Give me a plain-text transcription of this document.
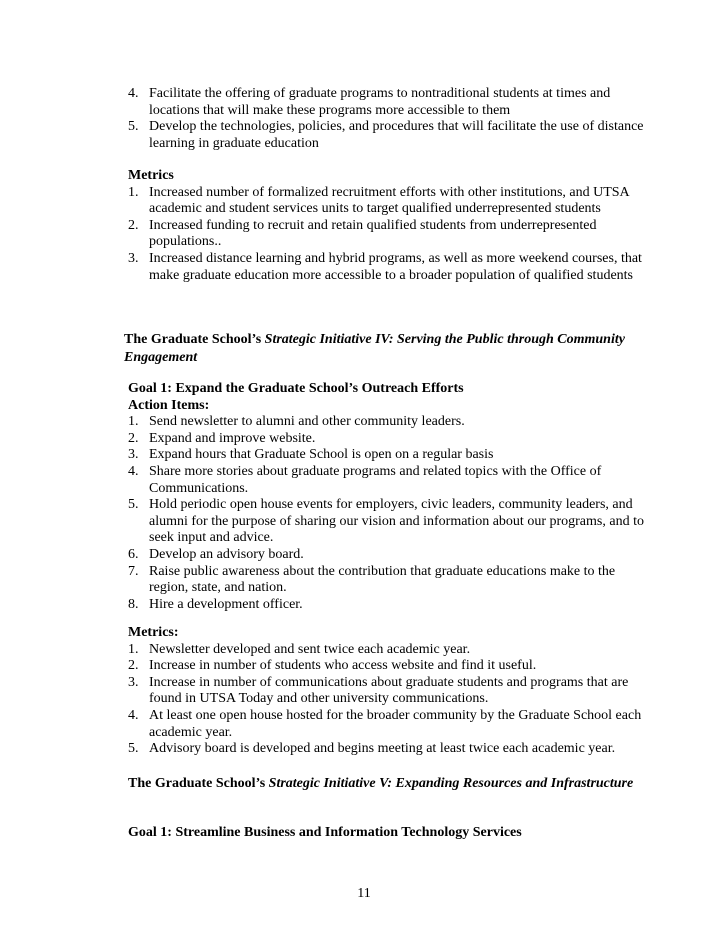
4. Facilitate the offering of graduate programs to nontraditional students at times and locations that will make these programs more accessible to them
5. Develop the technologies, policies, and procedures that will facilitate the use of distance learning in graduate education
Metrics
1. Increased number of formalized recruitment efforts with other institutions, and UTSA academic and student services units to target qualified underrepresented students
2. Increased funding to recruit and retain qualified students from underrepresented populations..
3. Increased distance learning and hybrid programs, as well as more weekend courses, that make graduate education more accessible to a broader population of qualified students
The Graduate School’s Strategic Initiative IV: Serving the Public through Community Engagement
Goal 1: Expand the Graduate School’s Outreach Efforts
Action Items:
1. Send newsletter to alumni and other community leaders.
2. Expand and improve website.
3. Expand hours that Graduate School is open on a regular basis
4. Share more stories about graduate programs and related topics with the Office of Communications.
5. Hold periodic open house events for employers, civic leaders, community leaders, and alumni for the purpose of sharing our vision and information about our programs, and to seek input and advice.
6. Develop an advisory board.
7. Raise public awareness about the contribution that graduate educations make to the region, state, and nation.
8. Hire a development officer.
Metrics:
1. Newsletter developed and sent twice each academic year.
2. Increase in number of students who access website and find it useful.
3. Increase in number of communications about graduate students and programs that are found in UTSA Today and other university communications.
4. At least one open house hosted for the broader community by the Graduate School each academic year.
5. Advisory board is developed and begins meeting at least twice each academic year.
The Graduate School’s Strategic Initiative V: Expanding Resources and Infrastructure
Goal 1: Streamline Business and Information Technology Services
11
